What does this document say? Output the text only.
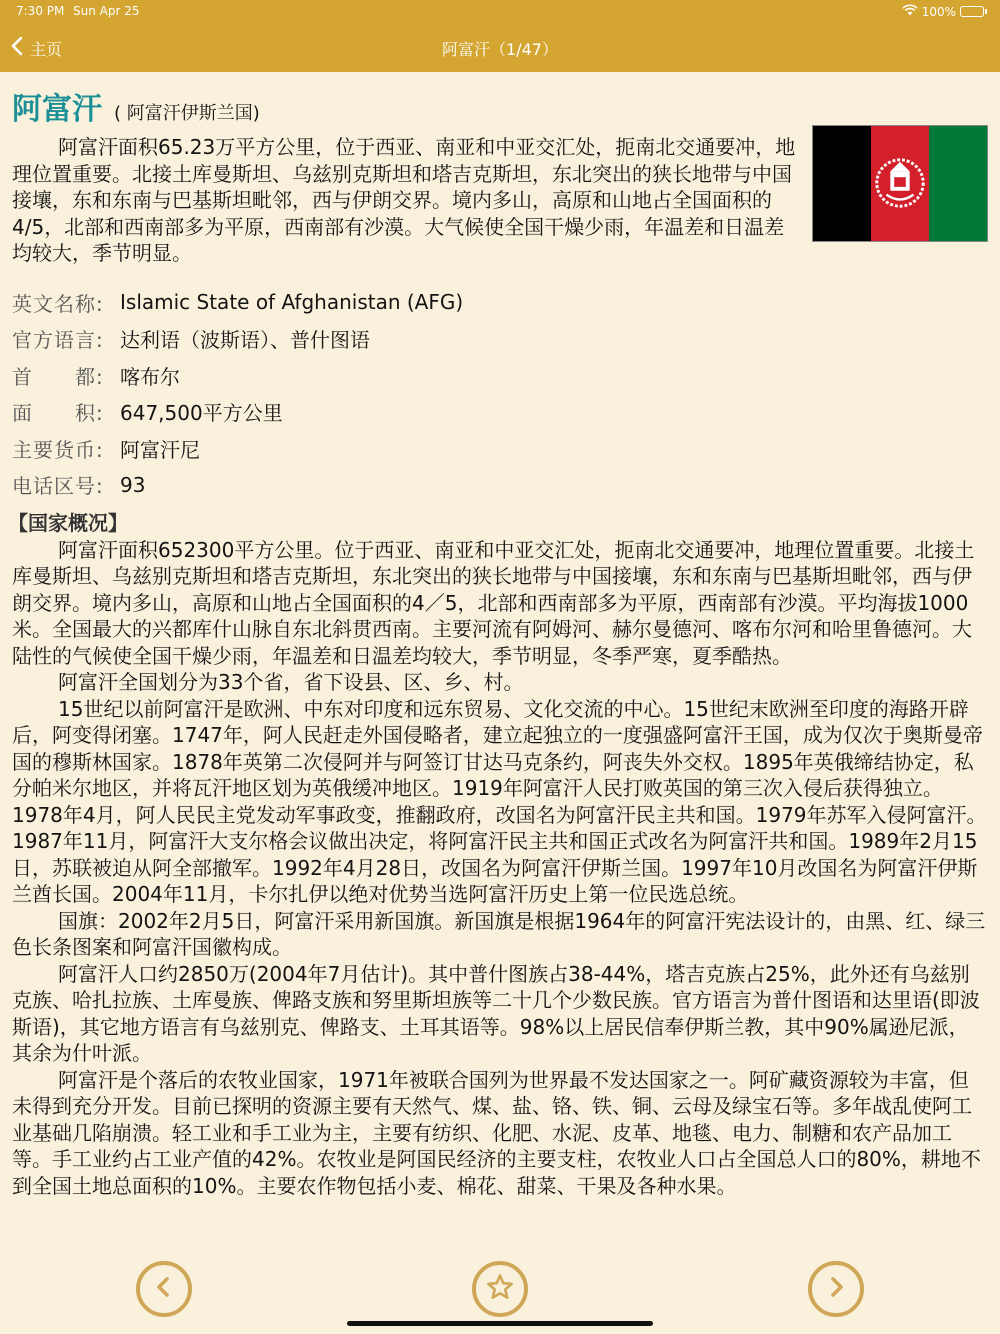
7:30 PM Sun Apr 25	100%
主页	阿富汗（1/47）
阿富汗 ( 阿富汗伊斯兰国)

阿富汗面积65.23万平方公里，位于西亚、南亚和中亚交汇处，扼南北交通要冲，地理位置重要。北接土库曼斯坦、乌兹别克斯坦和塔吉克斯坦，东北突出的狭长地带与中国接壤，东和东南与巴基斯坦毗邻，西与伊朗交界。境内多山，高原和山地占全国面积的4/5，北部和西南部多为平原，西南部有沙漠。大气候使全国干燥少雨，年温差和日温差均较大，季节明显。

英文名称: Islamic State of Afghanistan (AFG)
官方语言: 达利语（波斯语）、普什图语
首　　都: 喀布尔
面　　积: 647,500平方公里
主要货币: 阿富汗尼
电话区号: 93
【国家概况】

阿富汗面积652300平方公里。位于西亚、南亚和中亚交汇处，扼南北交通要冲，地理位置重要。北接土库曼斯坦、乌兹别克斯坦和塔吉克斯坦，东北突出的狭长地带与中国接壤，东和东南与巴基斯坦毗邻，西与伊朗交界。境内多山，高原和山地占全国面积的4／5，北部和西南部多为平原，西南部有沙漠。平均海拔1000米。全国最大的兴都库什山脉自东北斜贯西南。主要河流有阿姆河、赫尔曼德河、喀布尔河和哈里鲁德河。大陆性的气候使全国干燥少雨，年温差和日温差均较大，季节明显，冬季严寒，夏季酷热。

阿富汗全国划分为33个省，省下设县、区、乡、村。

15世纪以前阿富汗是欧洲、中东对印度和远东贸易、文化交流的中心。15世纪末欧洲至印度的海路开辟后，阿变得闭塞。1747年，阿人民赶走外国侵略者，建立起独立的一度强盛阿富汗王国，成为仅次于奥斯曼帝国的穆斯林国家。1878年英第二次侵阿并与阿签订甘达马克条约，阿丧失外交权。1895年英俄缔结协定，私分帕米尔地区，并将瓦汗地区划为英俄缓冲地区。1919年阿富汗人民打败英国的第三次入侵后获得独立。1978年4月，阿人民民主党发动军事政变，推翻政府，改国名为阿富汗民主共和国。1979年苏军入侵阿富汗。1987年11月，阿富汗大支尔格会议做出决定，将阿富汗民主共和国正式改名为阿富汗共和国。1989年2月15日，苏联被迫从阿全部撤军。1992年4月28日，改国名为阿富汗伊斯兰国。1997年10月改国名为阿富汗伊斯兰酋长国。2004年11月，卡尔扎伊以绝对优势当选阿富汗历史上第一位民选总统。

国旗：2002年2月5日，阿富汗采用新国旗。新国旗是根据1964年的阿富汗宪法设计的，由黑、红、绿三色长条图案和阿富汗国徽构成。

阿富汗人口约2850万(2004年7月估计)。其中普什图族占38-44%，塔吉克族占25%，此外还有乌兹别克族、哈扎拉族、土库曼族、俾路支族和努里斯坦族等二十几个少数民族。官方语言为普什图语和达里语(即波斯语)，其它地方语言有乌兹别克、俾路支、土耳其语等。98%以上居民信奉伊斯兰教，其中90%属逊尼派，其余为什叶派。

阿富汗是个落后的农牧业国家，1971年被联合国列为世界最不发达国家之一。阿矿藏资源较为丰富，但未得到充分开发。目前已探明的资源主要有天然气、煤、盐、铬、铁、铜、云母及绿宝石等。多年战乱使阿工业基础几陷崩溃。轻工业和手工业为主，主要有纺织、化肥、水泥、皮革、地毯、电力、制糖和农产品加工等。手工业约占工业产值的42%。农牧业是阿国民经济的主要支柱，农牧业人口占全国总人口的80%，耕地不到全国土地总面积的10%。主要农作物包括小麦、棉花、甜菜、干果及各种水果。
